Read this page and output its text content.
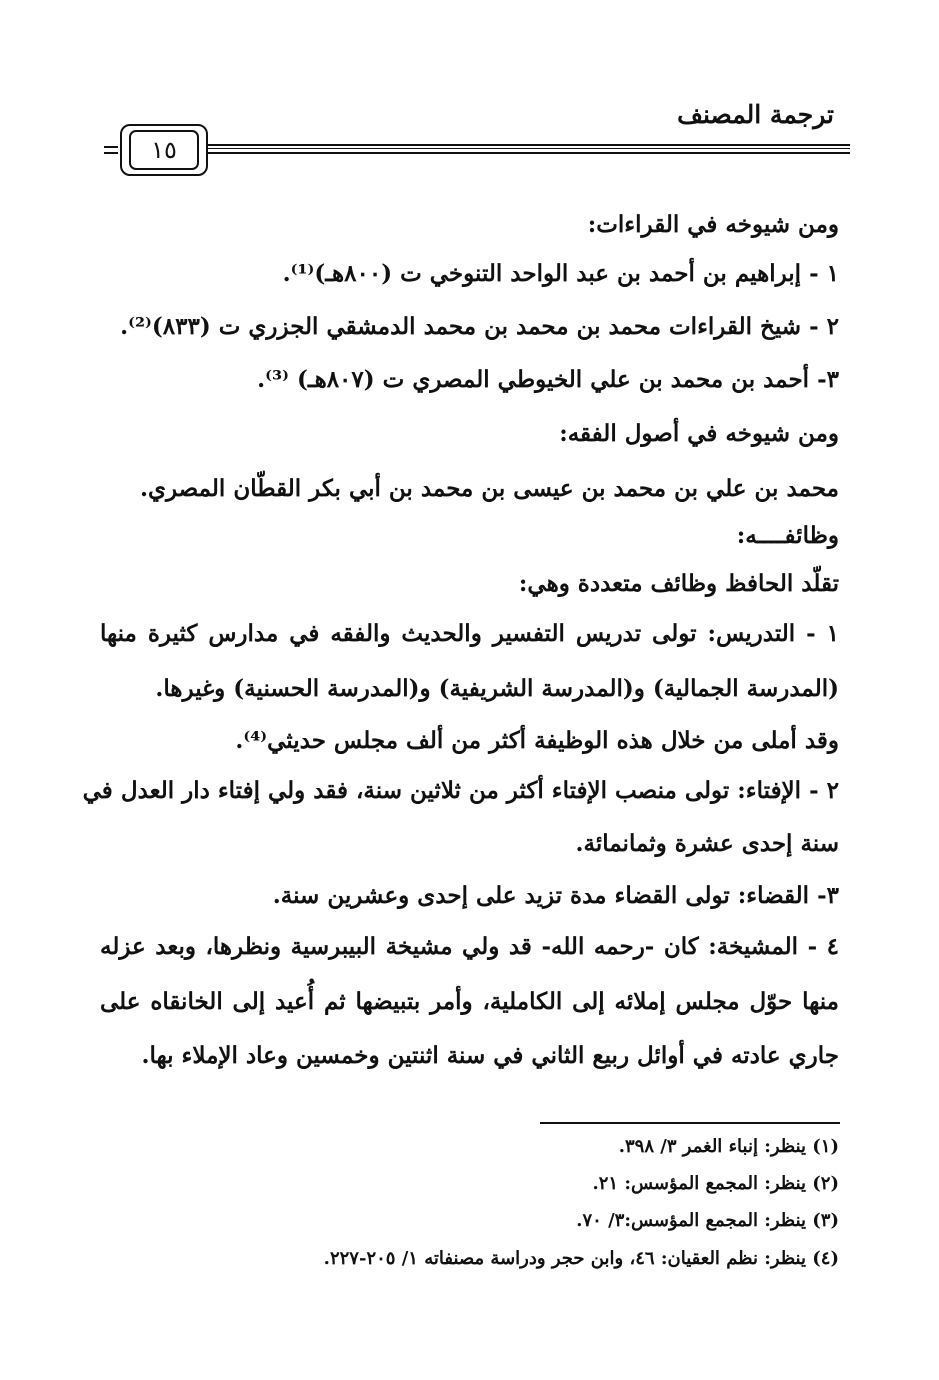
ترجمة المصنف
١٥
ومن شيوخه في القراءات:
١ - إبراهيم بن أحمد بن عبد الواحد التنوخي ت (٨٠٠هـ)⁽¹⁾.
٢ - شيخ القراءات محمد بن محمد بن محمد الدمشقي الجزري ت (٨٣٣)⁽²⁾.
٣- أحمد بن محمد بن علي الخيوطي المصري ت (٨٠٧هـ) ⁽³⁾.
ومن شيوخه في أصول الفقه:
محمد بن علي بن محمد بن عيسى بن محمد بن أبي بكر القطّان المصري.
وظائفــــه:
تقلّد الحافظ وظائف متعددة وهي:
١ - التدريس: تولى تدريس التفسير والحديث والفقه في مدارس كثيرة منها
(المدرسة الجمالية) و(المدرسة الشريفية) و(المدرسة الحسنية) وغيرها.
وقد أملى من خلال هذه الوظيفة أكثر من ألف مجلس حديثي⁽⁴⁾.
٢ - الإفتاء: تولى منصب الإفتاء أكثر من ثلاثين سنة، فقد ولي إفتاء دار العدل في
سنة إحدى عشرة وثمانمائة.
٣- القضاء: تولى القضاء مدة تزيد على إحدى وعشرين سنة.
٤ - المشيخة: كان -رحمه الله- قد ولي مشيخة البيبرسية ونظرها، وبعد عزله
منها حوّل مجلس إملائه إلى الكاملية، وأمر بتبيضها ثم أُعيد إلى الخانقاه على
جاري عادته في أوائل ربيع الثاني في سنة اثنتين وخمسين وعاد الإملاء بها.
(١) ينظر: إنباء الغمر ٣/ ٣٩٨.
(٢) ينظر: المجمع المؤسس: ٢١.
(٣) ينظر: المجمع المؤسس:٣/ ٧٠.
(٤) ينظر: نظم العقيان: ٤٦، وابن حجر ودراسة مصنفاته ١/ ٢٠٥-٢٢٧.
